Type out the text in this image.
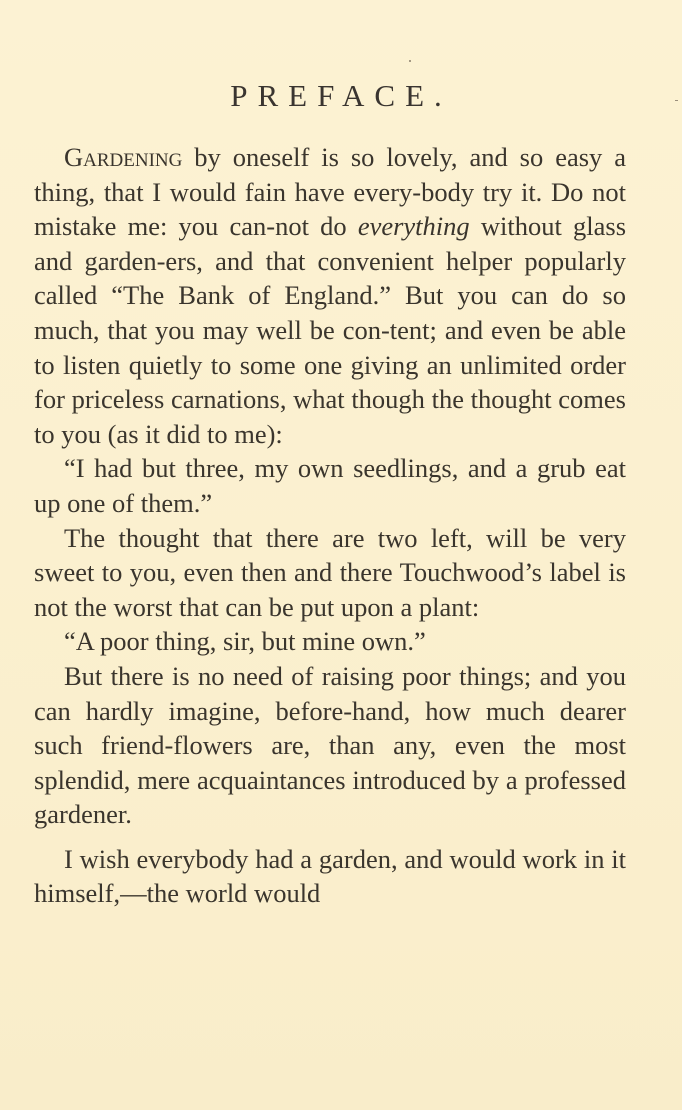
PREFACE.

Gardening by oneself is so lovely, and so easy a thing, that I would fain have every-body try it. Do not mistake me: you can-not do everything without glass and garden-ers, and that convenient helper popularly called “The Bank of England.” But you can do so much, that you may well be con-tent; and even be able to listen quietly to some one giving an unlimited order for priceless carnations, what though the thought comes to you (as it did to me):

“I had but three, my own seedlings, and a grub eat up one of them.”

The thought that there are two left, will be very sweet to you, even then and there Touchwood’s label is not the worst that can be put upon a plant:

“A poor thing, sir, but mine own.”

But there is no need of raising poor things; and you can hardly imagine, before-hand, how much dearer such friend-flowers are, than any, even the most splendid, mere acquaintances introduced by a professed gardener.

I wish everybody had a garden, and would work in it himself,—the world would
